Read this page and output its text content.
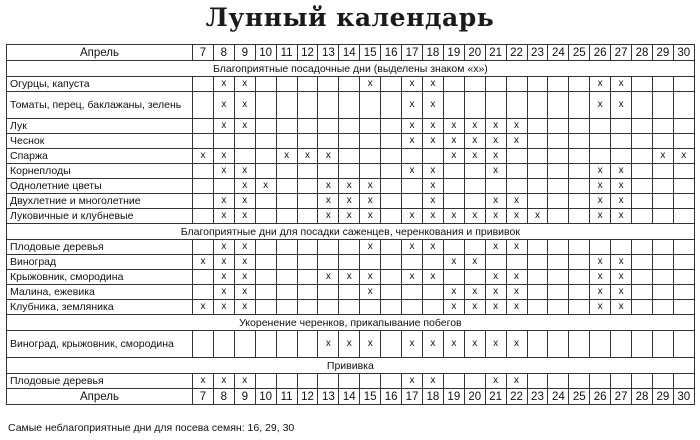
Лунный календарь
Апрель	7	8	9	10	11	12	13	14	15	16	17	18	19	20	21	22	23	24	25	26	27	28	29	30
Благоприятные посадочные дни (выделены знаком «х»)																								
Огурцы, капуста		x	x						x		x	x								x	x			
Томаты, перец, баклажаны, зелень		x	x								x	x								x	x			
Лук		x	x								x	x	x	x	x	x								
Чеснок											x	x	x	x	x	x								
Спаржа	x	x			x	x	x						x	x	x								x	x
Корнеплоды		x	x								x	x			x					x	x			
Однолетние цветы			x	x			x	x	x			x								x	x			
Двухлетние и многолетние		x	x				x	x	x			x			x	x				x	x			
Луковичные и клубневые		x	x				x	x	x		x	x	x	x	x	x	x			x	x			
Благоприятные дни для посадки саженцев, черенкования и прививок																								
Плодовые деревья		x	x						x		x	x			x	x								
Виноград	x	x	x										x	x						x	x			
Крыжовник, смородина		x	x				x	x	x		x	x			x	x				x	x			
Малина, ежевика		x	x						x				x	x	x	x				x	x			
Клубника, земляника	x	x	x										x	x	x	x				x	x			
Укоренение черенков, прикапывание побегов																								
Виноград, крыжовник, смородина							x	x	x		x	x	x	x	x	x								
Прививка																								
Плодовые деревья	x	x	x								x	x			x	x								
Апрель	7	8	9	10	11	12	13	14	15	16	17	18	19	20	21	22	23	24	25	26	27	28	29	30
Самые неблагоприятные дни для посева семян: 16, 29, 30
